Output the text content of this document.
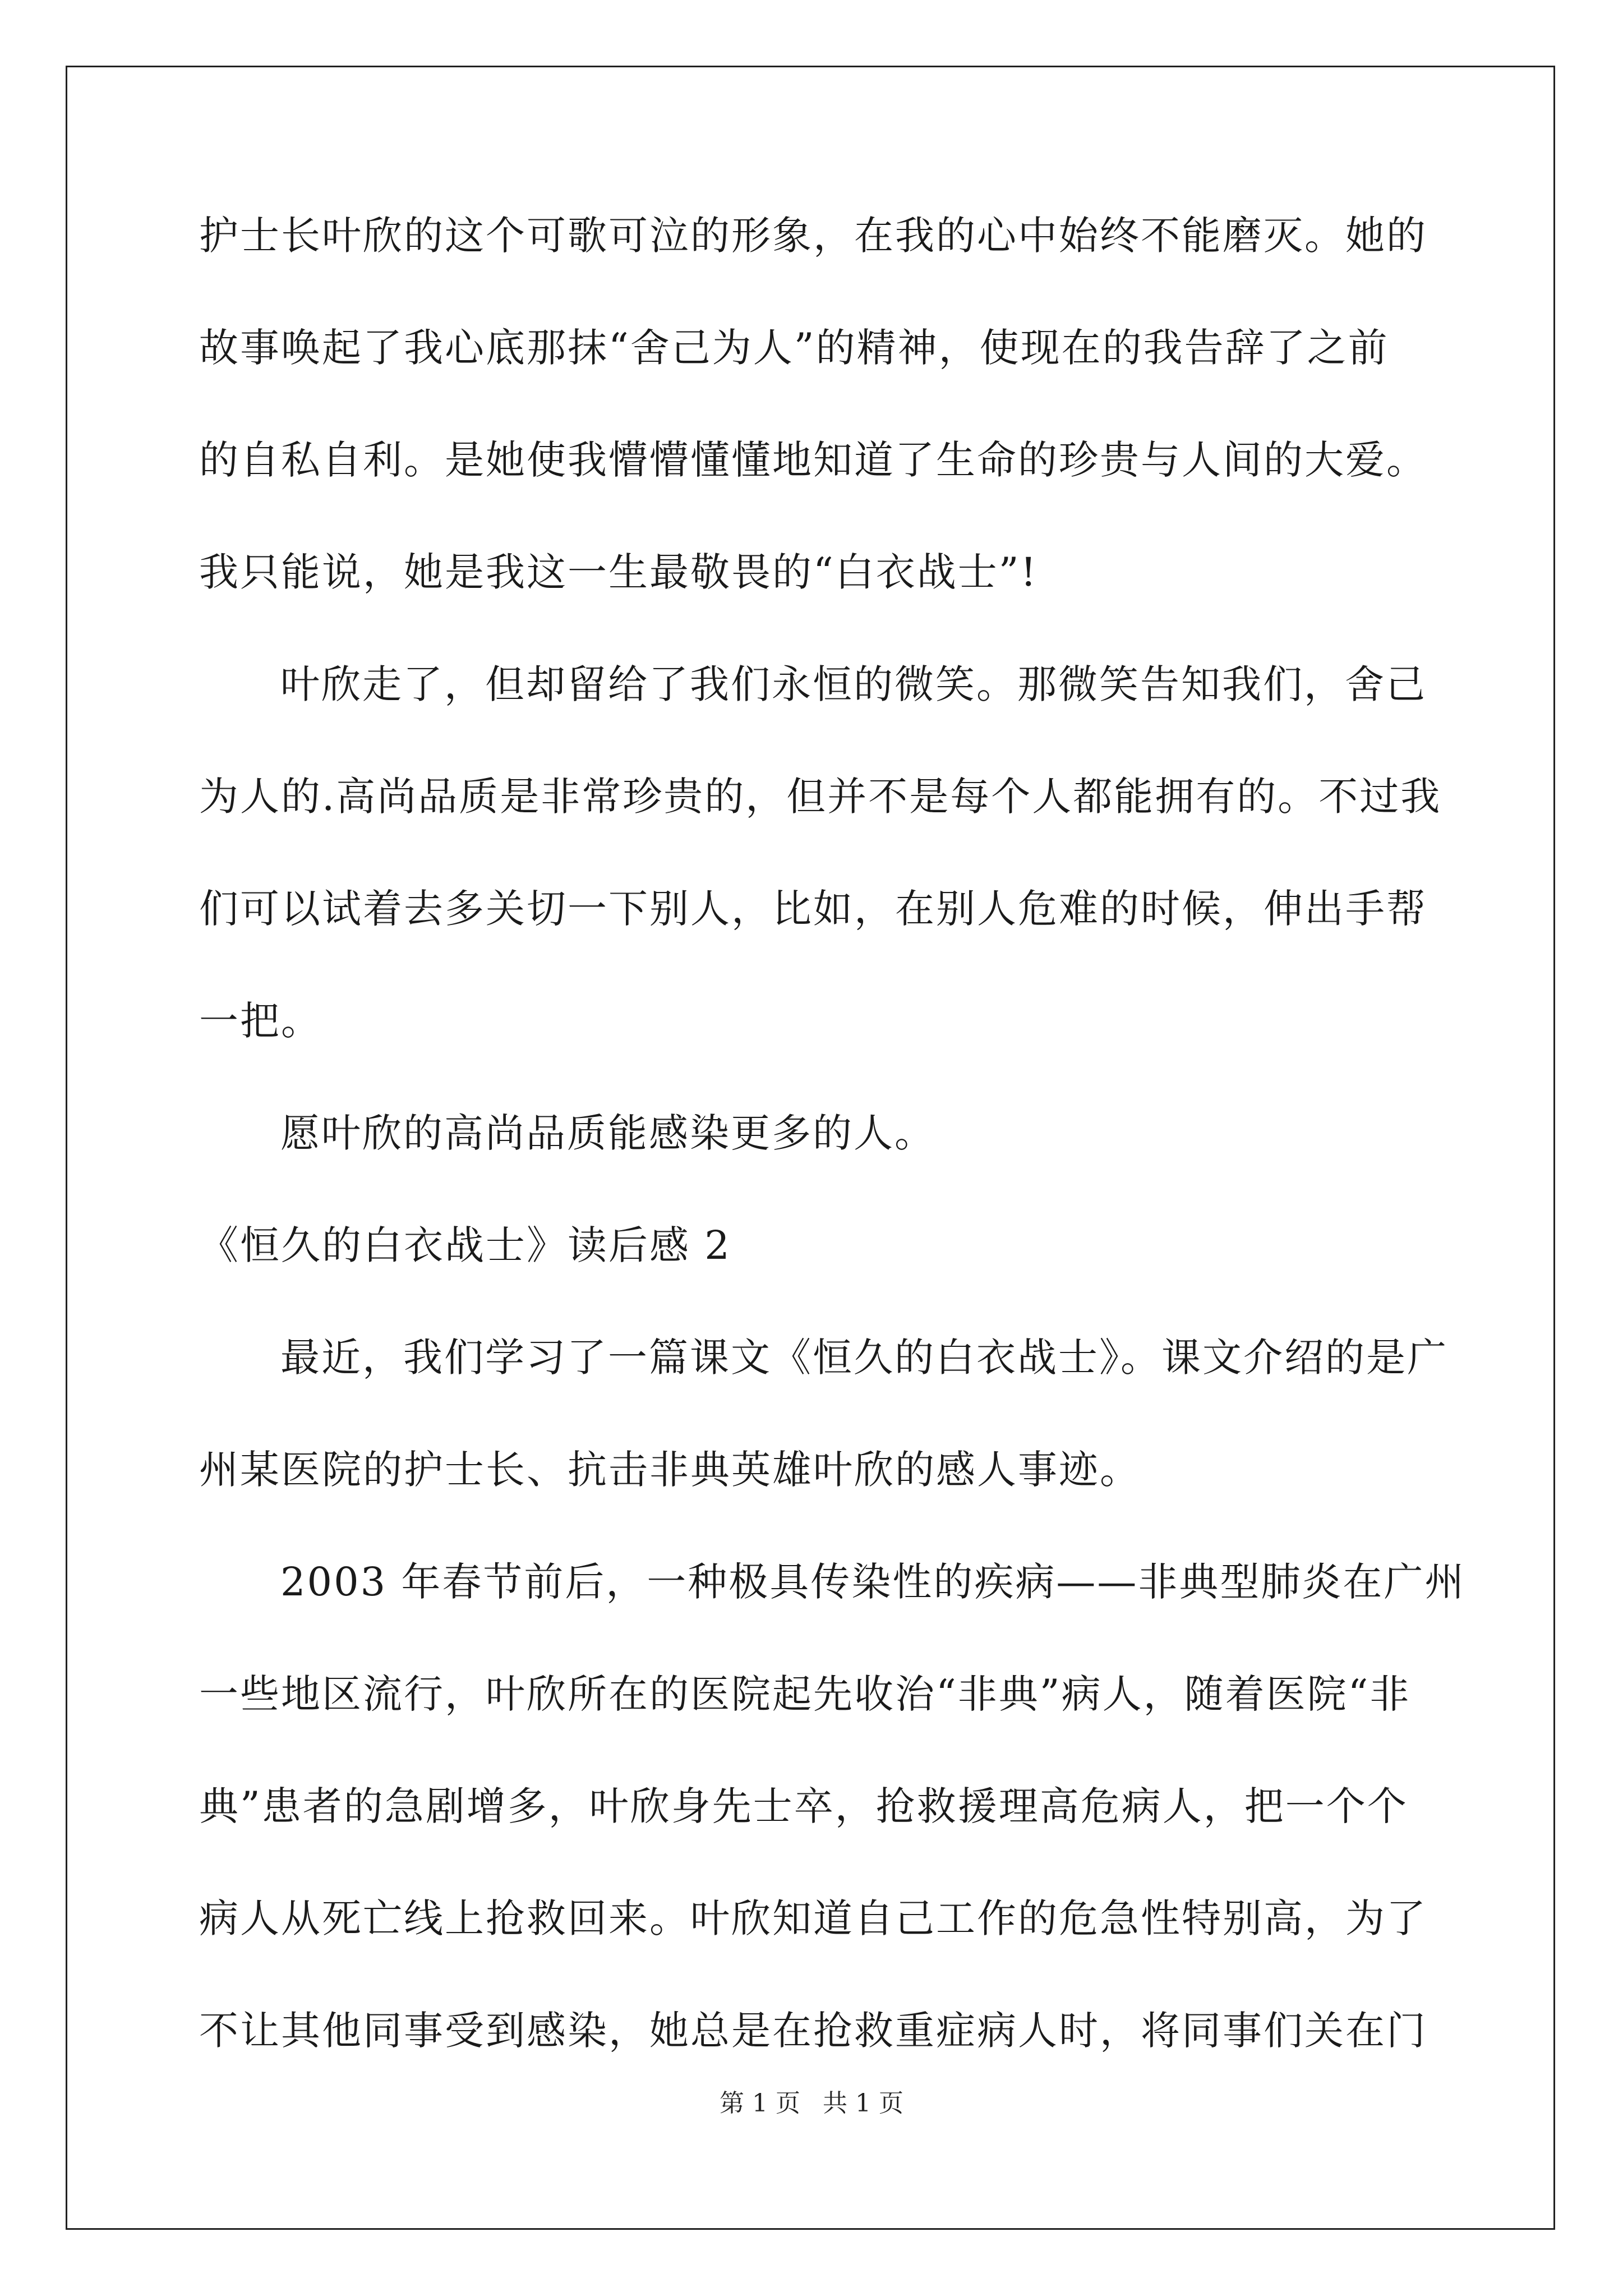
护士长叶欣的这个可歌可泣的形象，在我的心中始终不能磨灭。她的
故事唤起了我心底那抹“舍己为人”的精神，使现在的我告辞了之前
的自私自利。是她使我懵懵懂懂地知道了生命的珍贵与人间的大爱。
我只能说，她是我这一生最敬畏的“白衣战士”!
叶欣走了，但却留给了我们永恒的微笑。那微笑告知我们，舍己
为人的.高尚品质是非常珍贵的，但并不是每个人都能拥有的。不过我
们可以试着去多关切一下别人，比如，在别人危难的时候，伸出手帮
一把。
愿叶欣的高尚品质能感染更多的人。
《恒久的白衣战士》读后感 2
最近，我们学习了一篇课文《恒久的白衣战士》。课文介绍的是广
州某医院的护士长、抗击非典英雄叶欣的感人事迹。
2003 年春节前后，一种极具传染性的疾病——非典型肺炎在广州
一些地区流行，叶欣所在的医院起先收治“非典”病人，随着医院“非
典”患者的急剧增多，叶欣身先士卒，抢救援理高危病人，把一个个
病人从死亡线上抢救回来。叶欣知道自己工作的危急性特别高，为了
不让其他同事受到感染，她总是在抢救重症病人时，将同事们关在门
第 1 页 共 1 页
